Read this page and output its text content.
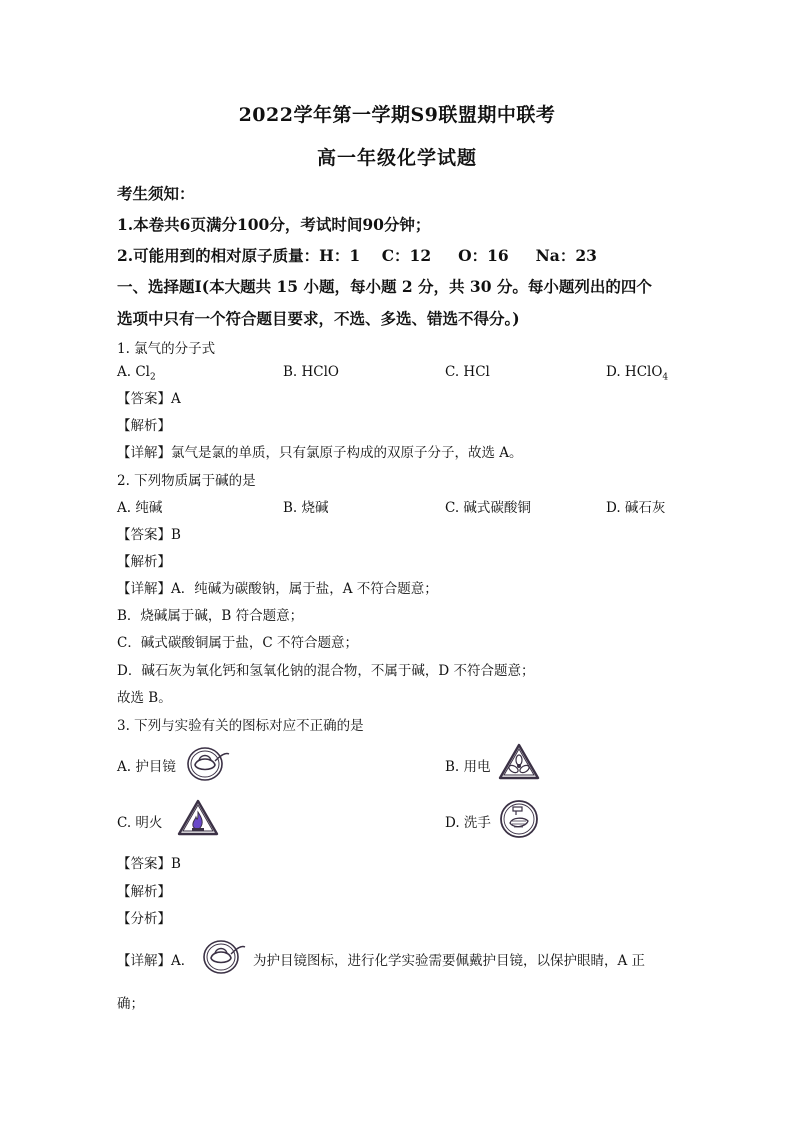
2022学年第一学期S9联盟期中联考
高一年级化学试题
考生须知：
1.本卷共6页满分100分，考试时间90分钟；
2.可能用到的相对原子质量：H：1    C：12     O：16     Na：23
一、选择题Ⅰ(本大题共 15 小题，每小题 2 分，共 30 分。每小题列出的四个
选项中只有一个符合题目要求，不选、多选、错选不得分。)
1. 氯气的分子式
A. $Cl_2$	B. HClO	C. HCl	D. HClO$_4$
【答案】A
【解析】
【详解】氯气是氯的单质，只有氯原子构成的双原子分子，故选 A。
2. 下列物质属于碱的是
A. 纯碱	B. 烧碱	C. 碱式碳酸铜	D. 碱石灰
【答案】B
【解析】
【详解】A．纯碱为碳酸钠，属于盐，A 不符合题意；
B．烧碱属于碱，B 符合题意；
C．碱式碳酸铜属于盐，C 不符合题意；
D．碱石灰为氧化钙和氢氧化钠的混合物，不属于碱，D 不符合题意；
故选 B。
3. 下列与实验有关的图标对应不正确的是
A. 护目镜	B. 用电
C. 明火	D. 洗手
【答案】B
【解析】
【分析】
【详解】A．	为护目镜图标，进行化学实验需要佩戴护目镜，以保护眼睛，A 正
确；
